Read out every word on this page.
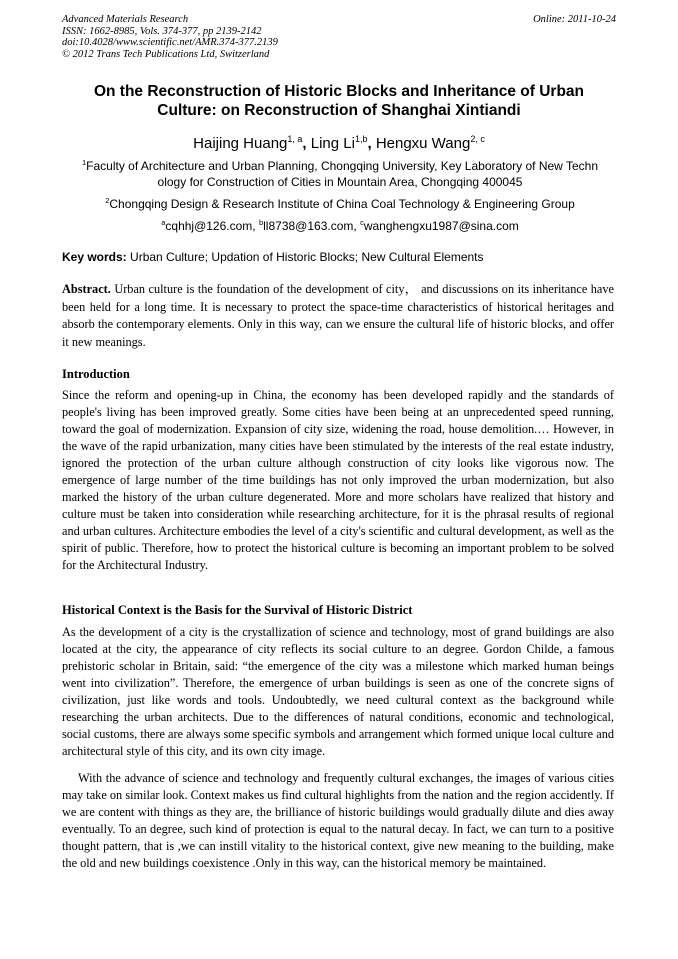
Advanced Materials Research
ISSN: 1662-8985, Vols. 374-377, pp 2139-2142
doi:10.4028/www.scientific.net/AMR.374-377.2139
© 2012 Trans Tech Publications Ltd, Switzerland
Online: 2011-10-24
On the Reconstruction of Historic Blocks and Inheritance of Urban
Culture: on Reconstruction of Shanghai Xintiandi
Haijing Huang$^{1, a}$, Ling Li$^{1,b}$, Hengxu Wang$^{2, c}$
$^1$Faculty of Architecture and Urban Planning, Chongqing University, Key Laboratory of New Techn
ology for Construction of Cities in Mountain Area, Chongqing 400045
$^2$Chongqing Design & Research Institute of China Coal Technology & Engineering Group
$^a$cqhhj@126.com, $^b$ll8738@163.com, $^c$wanghengxu1987@sina.com
Key words: Urban Culture; Updation of Historic Blocks; New Cultural Elements
Abstract. Urban culture is the foundation of the development of city， and discussions on its inheritance have been held for a long time. It is necessary to protect the space-time characteristics of historical heritages and absorb the contemporary elements. Only in this way, can we ensure the cultural life of historic blocks, and offer it new meanings.
Introduction
Since the reform and opening-up in China, the economy has been developed rapidly and the standards of people's living has been improved greatly. Some cities have been being at an unprecedented speed running, toward the goal of modernization. Expansion of city size, widening the road, house demolition.… However, in the wave of the rapid urbanization, many cities have been stimulated by the interests of the real estate industry, ignored the protection of the urban culture although construction of city looks like vigorous now. The emergence of large number of the time buildings has not only improved the urban modernization, but also marked the history of the urban culture degenerated. More and more scholars have realized that history and culture must be taken into consideration while researching architecture, for it is the phrasal results of regional and urban cultures. Architecture embodies the level of a city's scientific and cultural development, as well as the spirit of public. Therefore, how to protect the historical culture is becoming an important problem to be solved for the Architectural Industry.
Historical Context is the Basis for the Survival of Historic District
As the development of a city is the crystallization of science and technology, most of grand buildings are also located at the city, the appearance of city reflects its social culture to an degree. Gordon Childe, a famous prehistoric scholar in Britain, said: “the emergence of the city was a milestone which marked human beings went into civilization”. Therefore, the emergence of urban buildings is seen as one of the concrete signs of civilization, just like words and tools. Undoubtedly, we need cultural context as the background while researching the urban architects. Due to the differences of natural conditions, economic and technological, social customs, there are always some specific symbols and arrangement which formed unique local culture and architectural style of this city, and its own city image.
With the advance of science and technology and frequently cultural exchanges, the images of various cities may take on similar look. Context makes us find cultural highlights from the nation and the region accidently. If we are content with things as they are, the brilliance of historic buildings would gradually dilute and dies away eventually. To an degree, such kind of protection is equal to the natural decay. In fact, we can turn to a positive thought pattern, that is ,we can instill vitality to the historical context, give new meaning to the building, make the old and new buildings coexistence .Only in this way, can the historical memory be maintained.
